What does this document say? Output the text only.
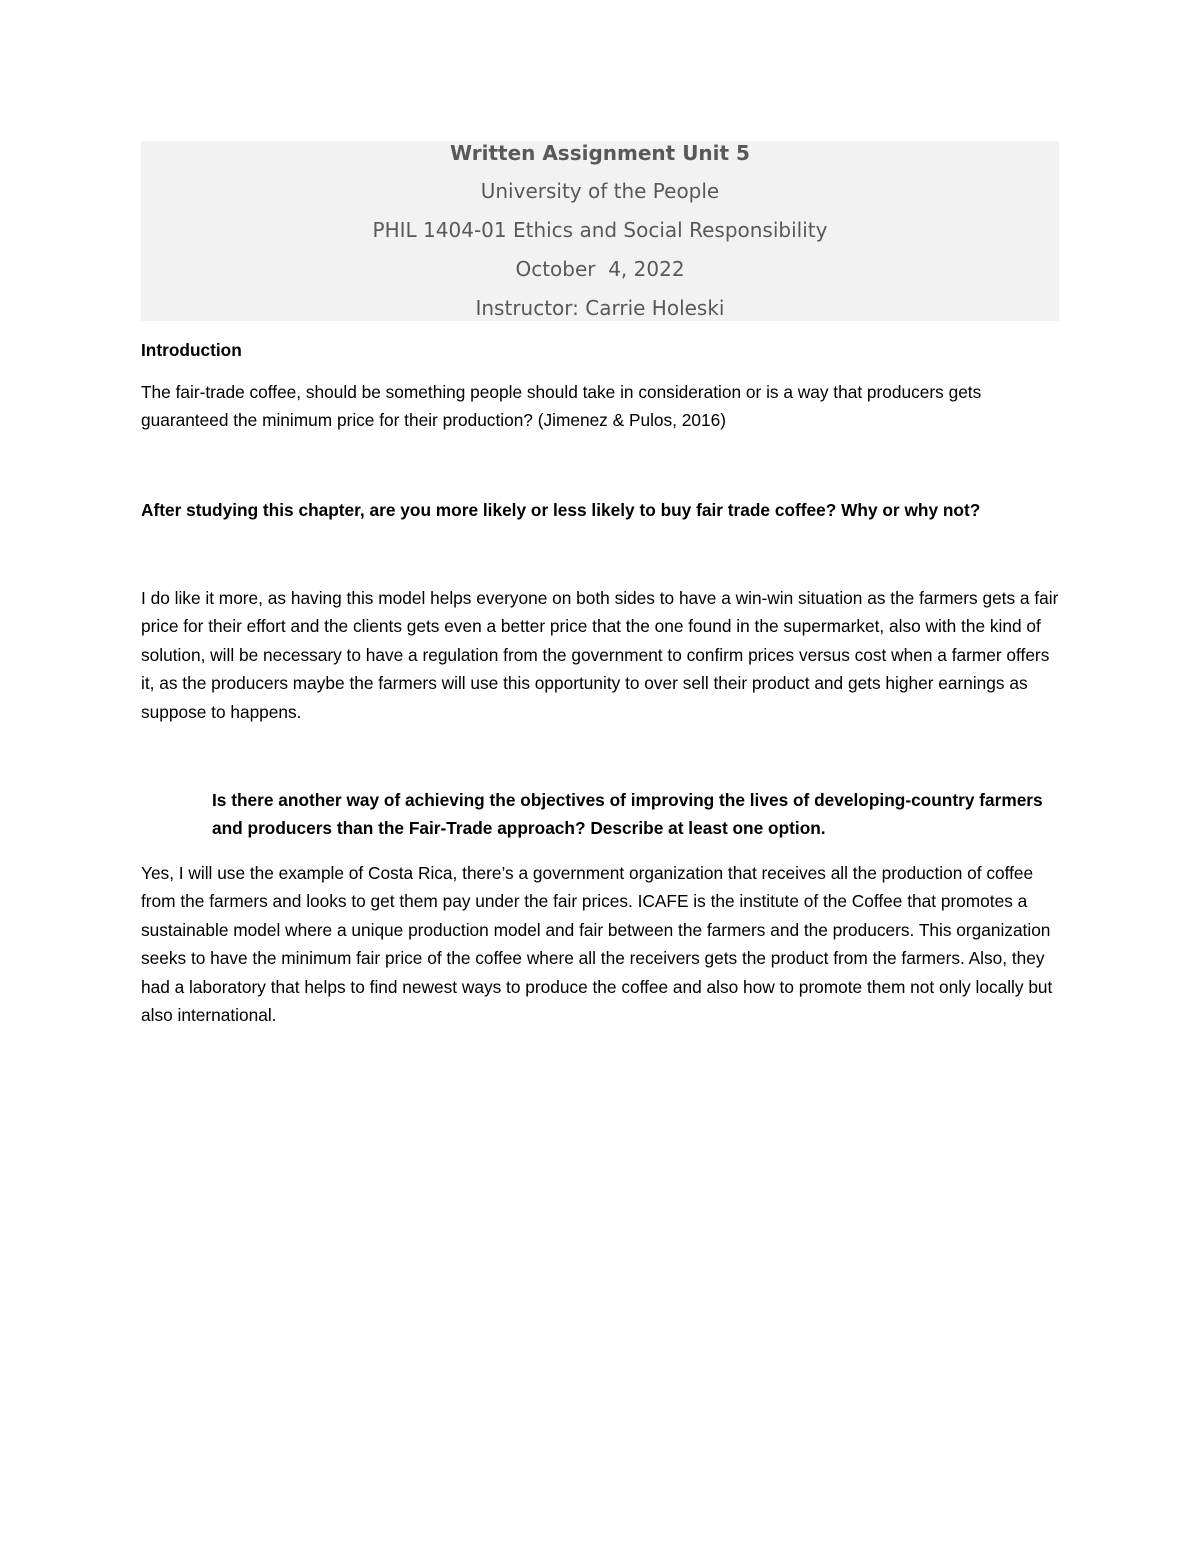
Written Assignment Unit 5
University of the People
PHIL 1404-01 Ethics and Social Responsibility
October  4, 2022
Instructor: Carrie Holeski
Introduction
The fair-trade coffee, should be something people should take in consideration or is a way that producers gets guaranteed the minimum price for their production? (Jimenez & Pulos, 2016)
After studying this chapter, are you more likely or less likely to buy fair trade coffee? Why or why not?
I do like it more, as having this model helps everyone on both sides to have a win-win situation as the farmers gets a fair price for their effort and the clients gets even a better price that the one found in the supermarket, also with the kind of solution, will be necessary to have a regulation from the government to confirm prices versus cost when a farmer offers it, as the producers maybe the farmers will use this opportunity to over sell their product and gets higher earnings as suppose to happens.
Is there another way of achieving the objectives of improving the lives of developing-country farmers and producers than the Fair-Trade approach? Describe at least one option.
Yes, I will use the example of Costa Rica, there’s a government organization that receives all the production of coffee from the farmers and looks to get them pay under the fair prices. ICAFE is the institute of the Coffee that promotes a sustainable model where a unique production model and fair between the farmers and the producers. This organization seeks to have the minimum fair price of the coffee where all the receivers gets the product from the farmers. Also, they had a laboratory that helps to find newest ways to produce the coffee and also how to promote them not only locally but also international.
